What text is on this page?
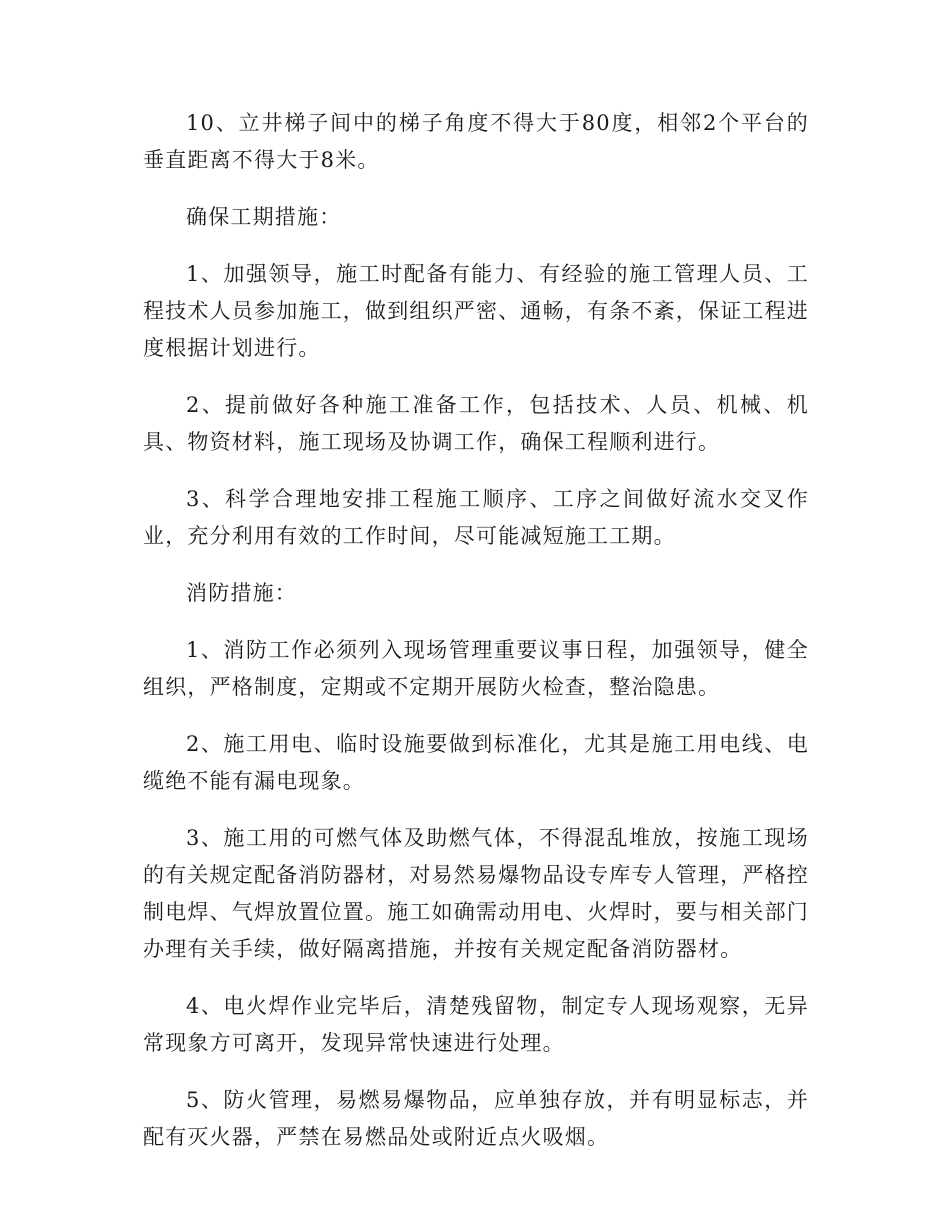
10、立井梯子间中的梯子角度不得大于80度，相邻2个平台的垂直距离不得大于8米。

确保工期措施：

1、加强领导，施工时配备有能力、有经验的施工管理人员、工程技术人员参加施工，做到组织严密、通畅，有条不紊，保证工程进度根据计划进行。

2、提前做好各种施工准备工作，包括技术、人员、机械、机具、物资材料，施工现场及协调工作，确保工程顺利进行。

3、科学合理地安排工程施工顺序、工序之间做好流水交叉作业，充分利用有效的工作时间，尽可能减短施工工期。

消防措施：

1、消防工作必须列入现场管理重要议事日程，加强领导，健全组织，严格制度，定期或不定期开展防火检查，整治隐患。

2、施工用电、临时设施要做到标准化，尤其是施工用电线、电缆绝不能有漏电现象。

3、施工用的可燃气体及助燃气体，不得混乱堆放，按施工现场的有关规定配备消防器材，对易然易爆物品设专库专人管理，严格控制电焊、气焊放置位置。施工如确需动用电、火焊时，要与相关部门办理有关手续，做好隔离措施，并按有关规定配备消防器材。

4、电火焊作业完毕后，清楚残留物，制定专人现场观察，无异常现象方可离开，发现异常快速进行处理。

5、防火管理，易燃易爆物品，应单独存放，并有明显标志，并配有灭火器，严禁在易燃品处或附近点火吸烟。
